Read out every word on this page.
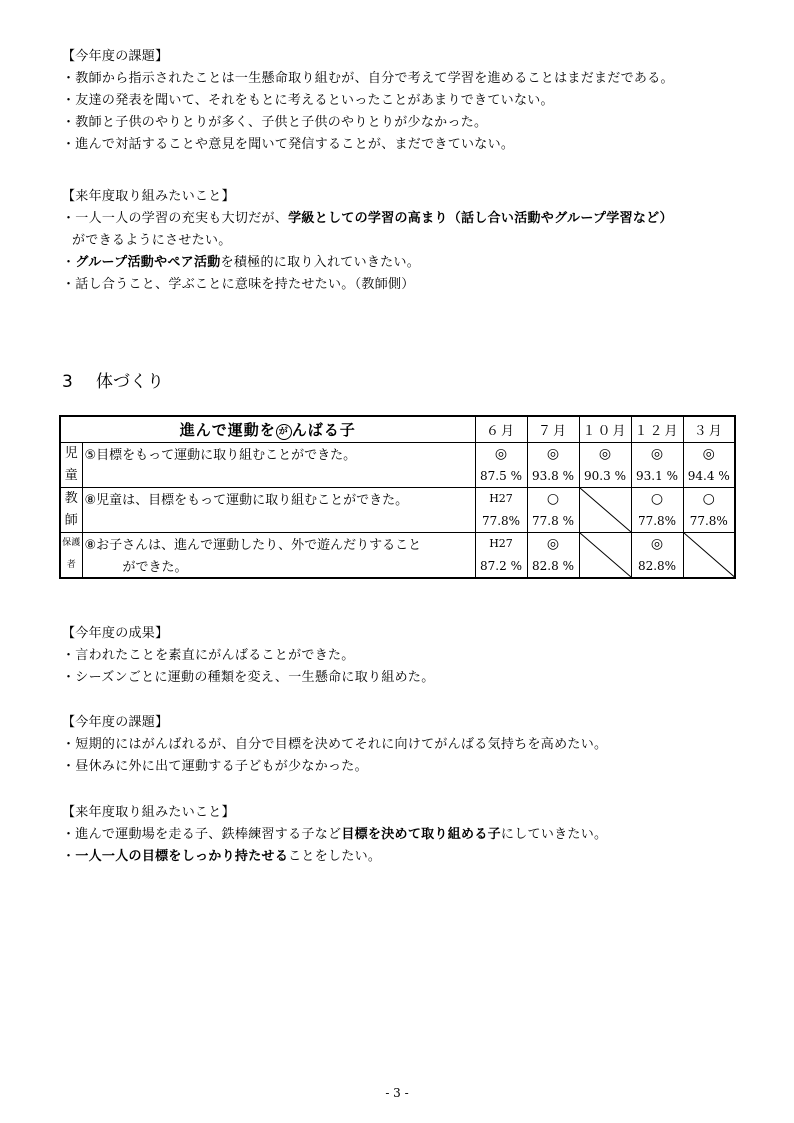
【今年度の課題】
・教師から指示されたことは一生懸命取り組むが、自分で考えて学習を進めることはまだまだである。
・友達の発表を聞いて、それをもとに考えるといったことがあまりできていない。
・教師と子供のやりとりが多く、子供と子供のやりとりが少なかった。
・進んで対話することや意見を聞いて発信することが、まだできていない。
【来年度取り組みたいこと】
・一人一人の学習の充実も大切だが、学級としての学習の高まり（話し合い活動やグループ学習など）
ができるようにさせたい。
・グループ活動やペア活動を積極的に取り入れていきたい。
・話し合うこと、学ぶことに意味を持たせたい。（教師側）
3 体づくり
進んで運動を が んばる子		６月	７月	１０月	１２月	３月
児	⑤目標をもって運動に取り組むことができた。	◎	◎	◎	◎	◎
童		87.5 %	93.8 %	90.3 %	93.1 %	94.4 %
教	⑧児童は、目標をもって運動に取り組むことができた。	H27	○		○	○
師		77.8%	77.8 %		77.8%	77.8%
保護	⑧お子さんは、進んで運動したり、外で遊んだりすること	H27	◎		◎	

者	ができた。	87.2 %	82.8 %		82.8%	
【今年度の成果】
・言われたことを素直にがんばることができた。
・シーズンごとに運動の種類を変え、一生懸命に取り組めた。
【今年度の課題】
・短期的にはがんばれるが、自分で目標を決めてそれに向けてがんばる気持ちを高めたい。
・昼休みに外に出て運動する子どもが少なかった。
【来年度取り組みたいこと】
・進んで運動場を走る子、鉄棒練習する子など目標を決めて取り組める子にしていきたい。
・一人一人の目標をしっかり持たせることをしたい。
- 3 -
